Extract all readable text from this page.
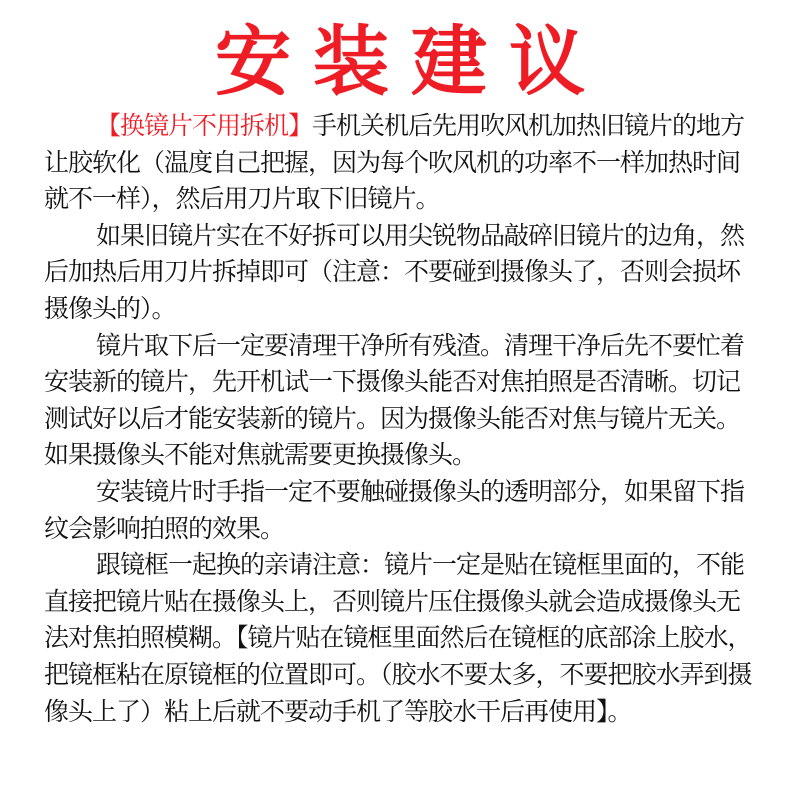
安装建议

【换镜片不用拆机】手机关机后先用吹风机加热旧镜片的地方让胶软化（温度自己把握，因为每个吹风机的功率不一样加热时间就不一样），然后用刀片取下旧镜片。

如果旧镜片实在不好拆可以用尖锐物品敲碎旧镜片的边角，然后加热后用刀片拆掉即可（注意：不要碰到摄像头了，否则会损坏摄像头的）。

镜片取下后一定要清理干净所有残渣。清理干净后先不要忙着安装新的镜片，先开机试一下摄像头能否对焦拍照是否清晰。切记测试好以后才能安装新的镜片。因为摄像头能否对焦与镜片无关。如果摄像头不能对焦就需要更换摄像头。

安装镜片时手指一定不要触碰摄像头的透明部分，如果留下指纹会影响拍照的效果。

跟镜框一起换的亲请注意：镜片一定是贴在镜框里面的，不能直接把镜片贴在摄像头上，否则镜片压住摄像头就会造成摄像头无法对焦拍照模糊。【镜片贴在镜框里面然后在镜框的底部涂上胶水，把镜框粘在原镜框的位置即可。（胶水不要太多，不要把胶水弄到摄像头上了）粘上后就不要动手机了等胶水干后再使用】。
